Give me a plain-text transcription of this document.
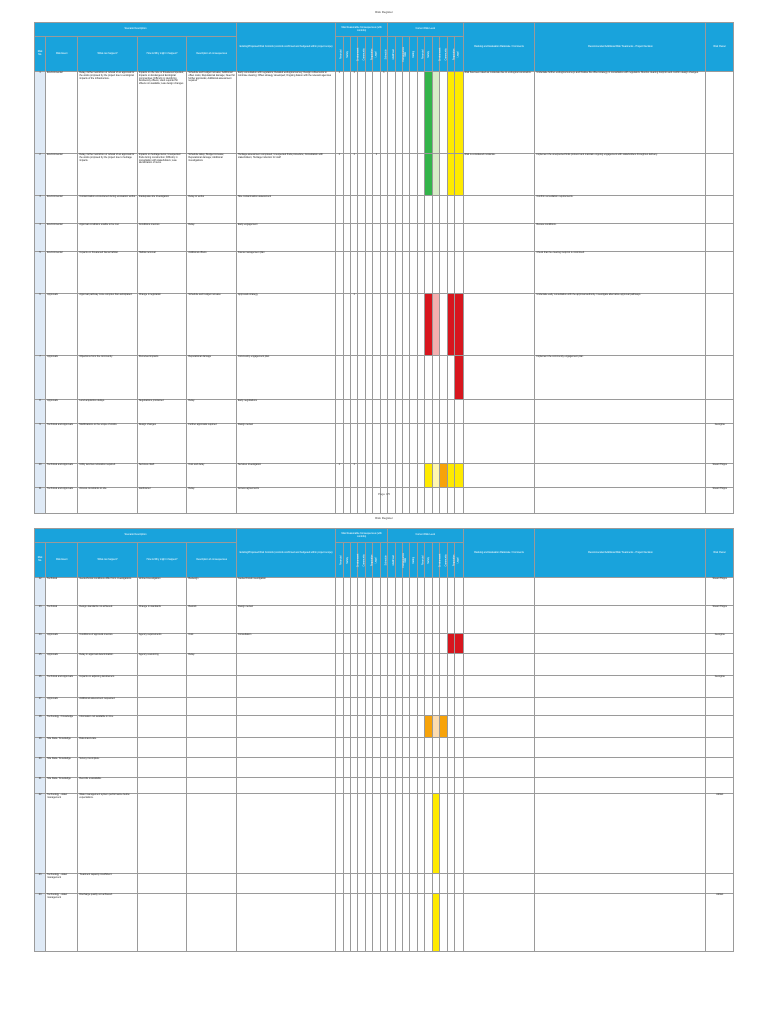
Risk Register
Scenario Description					Existing/Proposed Risk Controls (controls confirmed and budgeted within project scope)	Max Reasonable Consequences (with controls)							Current Risk Level										Ranking and Evaluation Rationale / Comments	Recommended Additional Risk Treatments - Project Decision	Risk Owner
Risk No.	Risk Event	What can happen?	How & Why might it happen?	Description of consequences		Financial	Safety	Environment	Community	Reputation	Legal	Schedule	Likelihood	Consequence	Risk	Rating	Financial	Safety	Environment	Community	Reputation	Legal			
1	Environmental	Delay, further restriction or refusal of an approval for the works proposed by the project due to ecological impacts of the infrastructure.	Impacts on the rare or threatened species; Impacts on Endangered Ecological communities; Difficulty in identifying biodiversity offsets; Land required for offsets not available; Late design changes	Schedule and budget increase; Additional offset costs; Reputational damage; Need for further approvals; Additional assessment required	Early consultation with regulators; Detailed ecological survey; Design refinements to minimise clearing; Offset strategy developed; Ongoing liaison with the relevant agencies	1		1				1											Risk has been rated as moderate due to ecological constraints.	Undertake further ecological surveys and finalise the offset strategy in consultation with regulators. Monitor clearing footprint and confirm design changes.	
2	Environmental	Delay, further restriction or refusal of an approval for the works proposed by the project due to heritage impacts.	Impacts on heritage items; Unexpected finds during construction; Difficulty in consultation with stakeholders; Late identification of items	Schedule delay; Budget increase; Reputational damage; Additional investigations	Heritage assessment completed; Unexpected finds procedure; Consultation with stakeholders; Heritage induction for staff	1		1			1												Risk is considered moderate.	Implement the unexpected finds protocol and maintain ongoing engagement with stakeholders throughout delivery.	
3	Environmental	Contamination encountered during excavation works.	Inadequate site investigation	Delay to works	Site contamination assessment																			Confirm remediation requirements.	
4	Environmental	Approval conditions unable to be met.	Conditions onerous	Delay	Early engagement																			Review conditions.	
5	Environmental	Impacts on threatened fauna habitat.	Habitat removal	Additional offsets	Fauna management plan																			Check that the clearing footprint is minimised.	
6	Approvals	Approval pathway more complex than anticipated.	Change in legislation	Schedule and budget increase	Approvals strategy			1																Undertake early consultation with the approval authority. Investigate alternative approval pathways.	
7	Approvals	Objections from the community.	Perceived impacts	Reputational damage	Community engagement plan																			Implement the community engagement plan.	
8	Approvals	Land acquisition delays.	Negotiations protracted	Delay	Early negotiations																				
9	Technical and Approvals	Modifications to the scope of works.	Design changes	Further approvals required	Design review																				Georgina
10	Technical and Approvals	Utility services relocation required.	Services clash	Cost and delay	Services investigation	1		1																	Stuart Phipps
11	Technical and Approvals	Access constraints to site.	Landowner	Delay	Access agreements																				Stuart Phipps
Page 4/5
Risk Register
Scenario Description					Existing/Proposed Risk Controls (controls confirmed and budgeted within project scope)	Max Reasonable Consequences (with controls)							Current Risk Level										Ranking and Evaluation Rationale / Comments	Recommended Additional Risk Treatments - Project Decision	Risk Owner
Risk No.	Risk Event	What can happen?	How & Why might it happen?	Description of consequences		Financial	Safety	Environment	Community	Reputation	Legal	Schedule	Likelihood	Consequence	Risk	Rating	Financial	Safety	Environment	Community	Reputation	Legal			
12	Technical	Geotechnical conditions differ from investigations.	Limited investigation	Redesign	Geotechnical investigation																				Stuart Phipps
13	Technical	Design standards not achieved.	Change in standards	Rework	Design review																				Stuart Phipps
14	Approvals	Conditions of approval onerous.	Agency requirements	Cost	Consultation																				Georgina
15	Approvals	Delay in approval determination.	Agency resourcing	Delay																					
16	Technical and Approvals	Impacts on adjoining landowners.																							Georgina
17	Approvals	Additional assessment requested.																							
18	Technology / Knowledge	Information not available in time.																							
19	Site Data / Knowledge	Data inaccurate.																							
20	Site Data / Knowledge	Survey incomplete.																							
21	Site Data / Knowledge	Records unavailable.																							
22	Technology - water management	Water management system performance below expectations.																							Adrian
23	Technology - water management	Treatment capacity insufficient.																							
24	Technology - water management	Discharge quality not achieved.																							Adrian
